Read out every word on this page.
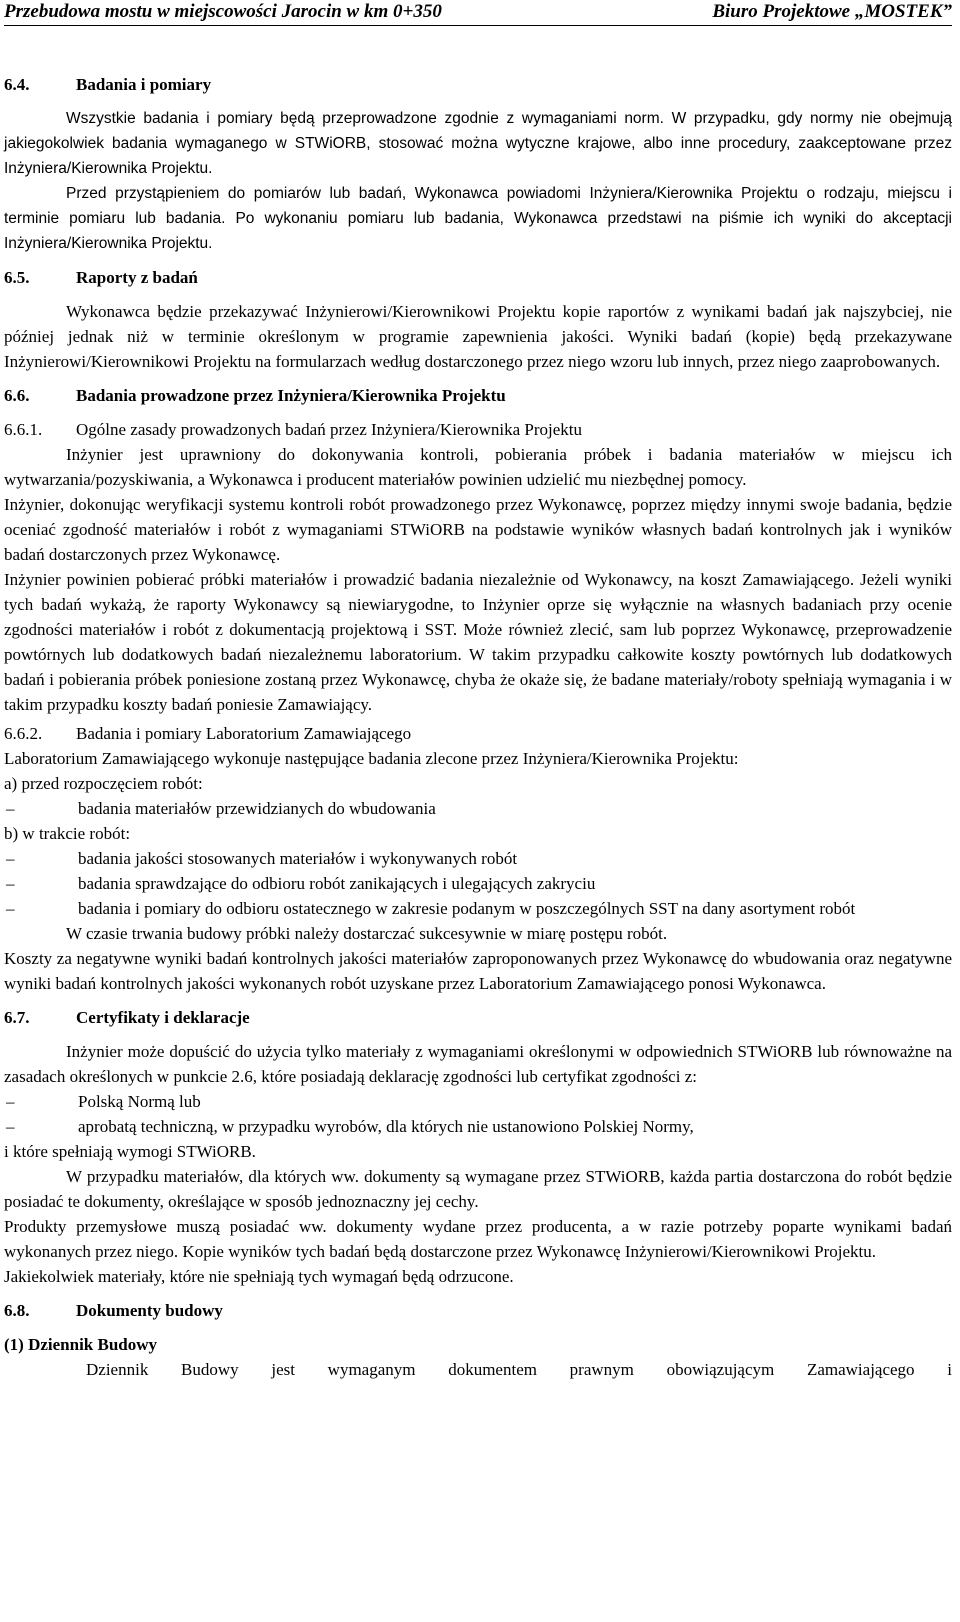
Przebudowa mostu w miejscowości Jarocin w km 0+350	Biuro Projektowe „MOSTEK”

6.4.	Badania i pomiary

Wszystkie badania i pomiary będą przeprowadzone zgodnie z wymaganiami norm. W przypadku, gdy normy nie obejmują jakiegokolwiek badania wymaganego w STWiORB, stosować można wytyczne krajowe, albo inne procedury, zaakceptowane przez Inżyniera/Kierownika Projektu.

Przed przystąpieniem do pomiarów lub badań, Wykonawca powiadomi Inżyniera/Kierownika Projektu o rodzaju, miejscu i terminie pomiaru lub badania. Po wykonaniu pomiaru lub badania, Wykonawca przedstawi na piśmie ich wyniki do akceptacji Inżyniera/Kierownika Projektu.

6.5.	Raporty z badań

Wykonawca będzie przekazywać Inżynierowi/Kierownikowi Projektu kopie raportów z wynikami badań jak najszybciej, nie później jednak niż w terminie określonym w programie zapewnienia jakości. Wyniki badań (kopie) będą przekazywane Inżynierowi/Kierownikowi Projektu na formularzach według dostarczonego przez niego wzoru lub innych, przez niego zaaprobowanych.

6.6.	Badania prowadzone przez Inżyniera/Kierownika Projektu

6.6.1.	Ogólne zasady prowadzonych badań przez Inżyniera/Kierownika Projektu

Inżynier jest uprawniony do dokonywania kontroli, pobierania próbek i badania materiałów w miejscu ich wytwarzania/pozyskiwania, a Wykonawca i producent materiałów powinien udzielić mu niezbędnej pomocy.

Inżynier, dokonując weryfikacji systemu kontroli robót prowadzonego przez Wykonawcę, poprzez między innymi swoje badania, będzie oceniać zgodność materiałów i robót z wymaganiami STWiORB na podstawie wyników własnych badań kontrolnych jak i wyników badań dostarczonych przez Wykonawcę.

Inżynier powinien pobierać próbki materiałów i prowadzić badania niezależnie od Wykonawcy, na koszt Zamawiającego. Jeżeli wyniki tych badań wykażą, że raporty Wykonawcy są niewiarygodne, to Inżynier oprze się wyłącznie na własnych badaniach przy ocenie zgodności materiałów i robót z dokumentacją projektową i SST. Może również zlecić, sam lub poprzez Wykonawcę, przeprowadzenie powtórnych lub dodatkowych badań niezależnemu laboratorium. W takim przypadku całkowite koszty powtórnych lub dodatkowych badań i pobierania próbek poniesione zostaną przez Wykonawcę, chyba że okaże się, że badane materiały/roboty spełniają wymagania i w takim przypadku koszty badań poniesie Zamawiający.

6.6.2.	Badania i pomiary Laboratorium Zamawiającego

Laboratorium Zamawiającego wykonuje następujące badania zlecone przez Inżyniera/Kierownika Projektu:

a) przed rozpoczęciem robót:

–	badania materiałów przewidzianych do wbudowania

b) w trakcie robót:

–	badania jakości stosowanych materiałów i wykonywanych robót

–	badania sprawdzające do odbioru robót zanikających i ulegających zakryciu

–	badania i pomiary do odbioru ostatecznego w zakresie podanym w poszczególnych SST na dany asortyment robót

W czasie trwania budowy próbki należy dostarczać sukcesywnie w miarę postępu robót.

Koszty za negatywne wyniki badań kontrolnych jakości materiałów zaproponowanych przez Wykonawcę do wbudowania oraz negatywne wyniki badań kontrolnych jakości wykonanych robót uzyskane przez Laboratorium Zamawiającego ponosi Wykonawca.

6.7.	Certyfikaty i deklaracje

Inżynier może dopuścić do użycia tylko materiały z wymaganiami określonymi w odpowiednich STWiORB lub równoważne na zasadach określonych w punkcie 2.6, które posiadają deklarację zgodności lub certyfikat zgodności z:

–	Polską Normą lub

–	aprobatą techniczną, w przypadku wyrobów, dla których nie ustanowiono Polskiej Normy,

i które spełniają wymogi STWiORB.

W przypadku materiałów, dla których ww. dokumenty są wymagane przez STWiORB, każda partia dostarczona do robót będzie posiadać te dokumenty, określające w sposób jednoznaczny jej cechy.

Produkty przemysłowe muszą posiadać ww. dokumenty wydane przez producenta, a w razie potrzeby poparte wynikami badań wykonanych przez niego. Kopie wyników tych badań będą dostarczone przez Wykonawcę Inżynierowi/Kierownikowi Projektu.

Jakiekolwiek materiały, które nie spełniają tych wymagań będą odrzucone.

6.8.	Dokumenty budowy

(1) Dziennik Budowy

Dziennik Budowy jest wymaganym dokumentem prawnym obowiązującym Zamawiającego i
